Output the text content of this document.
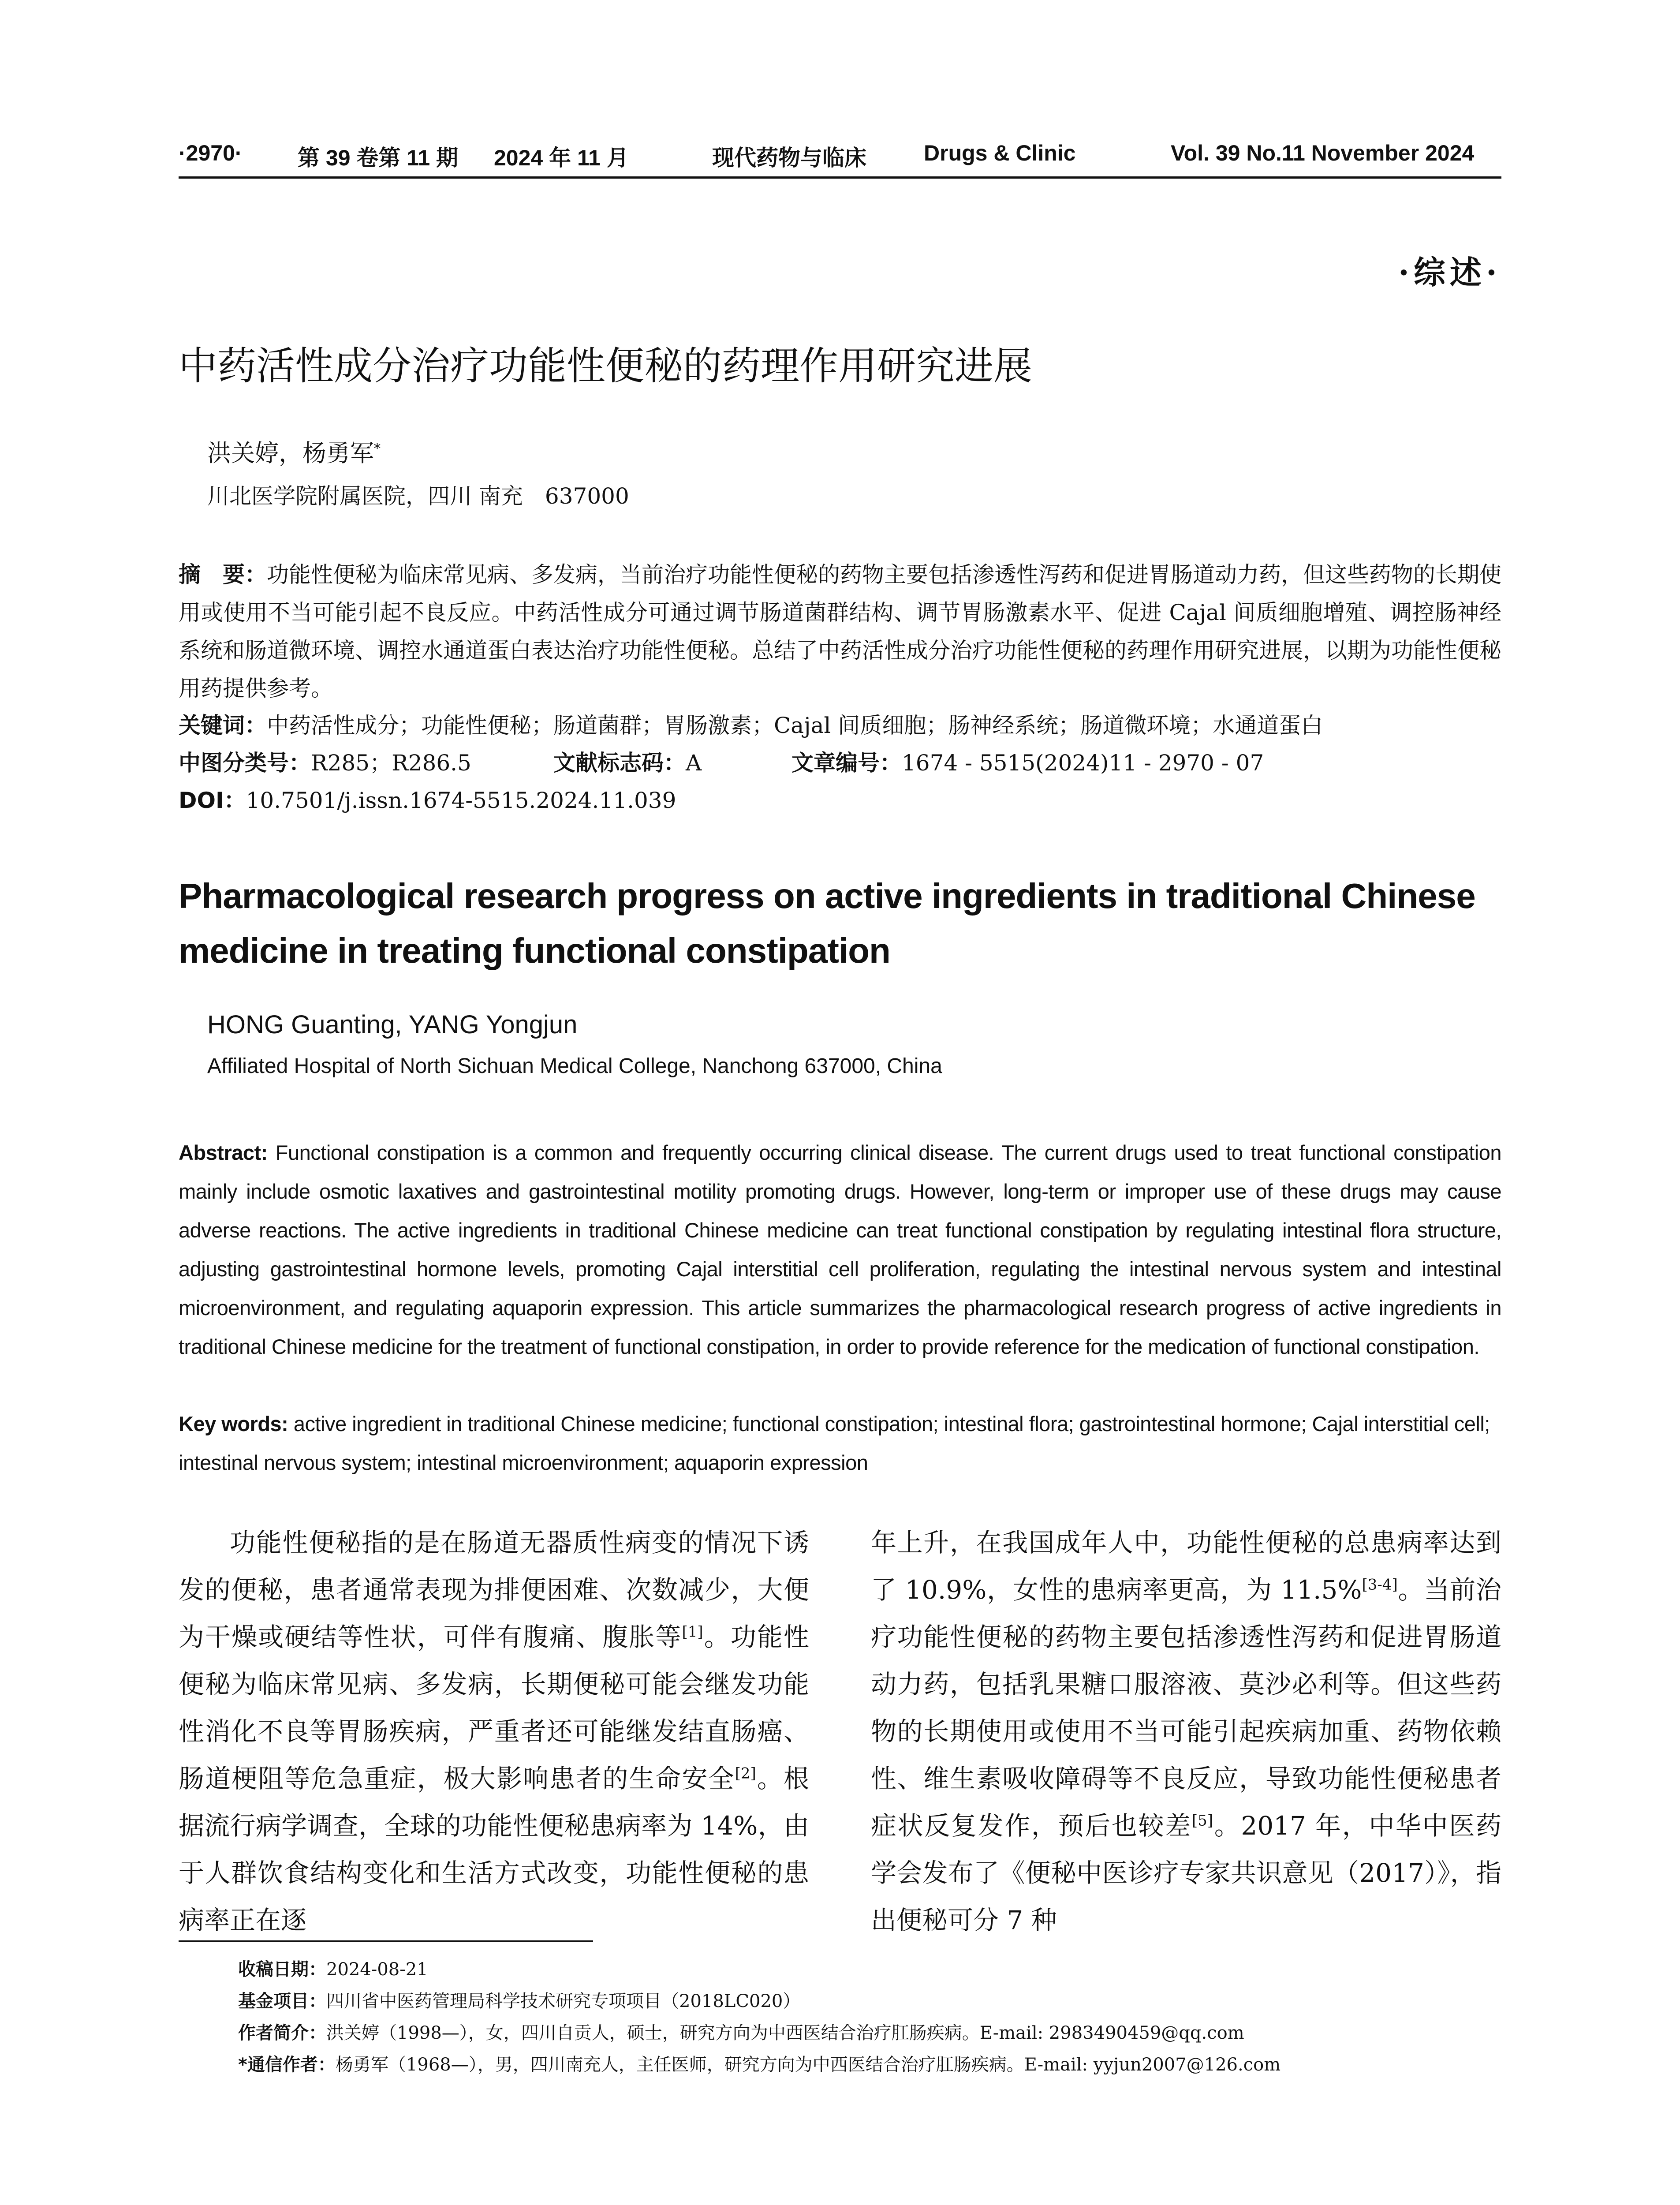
·2970·	第 39 卷第 11 期 2024 年 11 月	现代药物与临床	Drugs & Clinic	Vol. 39 No.11 November 2024
·综述·
中药活性成分治疗功能性便秘的药理作用研究进展
洪关婷，杨勇军*
川北医学院附属医院，四川 南充　637000
摘　要：功能性便秘为临床常见病、多发病，当前治疗功能性便秘的药物主要包括渗透性泻药和促进胃肠道动力药，但这些药物的长期使用或使用不当可能引起不良反应。中药活性成分可通过调节肠道菌群结构、调节胃肠激素水平、促进 Cajal 间质细胞增殖、调控肠神经系统和肠道微环境、调控水通道蛋白表达治疗功能性便秘。总结了中药活性成分治疗功能性便秘的药理作用研究进展，以期为功能性便秘用药提供参考。
关键词：中药活性成分；功能性便秘；肠道菌群；胃肠激素；Cajal 间质细胞；肠神经系统；肠道微环境；水通道蛋白
中图分类号：R285；R286.5	文献标志码：A	文章编号：1674 - 5515(2024)11 - 2970 - 07
DOI：10.7501/j.issn.1674-5515.2024.11.039
Pharmacological research progress on active ingredients in traditional Chinese medicine in treating functional constipation
HONG Guanting, YANG Yongjun
Affiliated Hospital of North Sichuan Medical College, Nanchong 637000, China
Abstract: Functional constipation is a common and frequently occurring clinical disease. The current drugs used to treat functional constipation mainly include osmotic laxatives and gastrointestinal motility promoting drugs. However, long-term or improper use of these drugs may cause adverse reactions. The active ingredients in traditional Chinese medicine can treat functional constipation by regulating intestinal flora structure, adjusting gastrointestinal hormone levels, promoting Cajal interstitial cell proliferation, regulating the intestinal nervous system and intestinal microenvironment, and regulating aquaporin expression. This article summarizes the pharmacological research progress of active ingredients in traditional Chinese medicine for the treatment of functional constipation, in order to provide reference for the medication of functional constipation.
Key words: active ingredient in traditional Chinese medicine; functional constipation; intestinal flora; gastrointestinal hormone; Cajal interstitial cell; intestinal nervous system; intestinal microenvironment; aquaporin expression

功能性便秘指的是在肠道无器质性病变的情况下诱发的便秘，患者通常表现为排便困难、次数减少，大便为干燥或硬结等性状，可伴有腹痛、腹胀等[1]。功能性便秘为临床常见病、多发病，长期便秘可能会继发功能性消化不良等胃肠疾病，严重者还可能继发结直肠癌、肠道梗阻等危急重症，极大影响患者的生命安全[2]。根据流行病学调查，全球的功能性便秘患病率为 14%，由于人群饮食结构变化和生活方式改变，功能性便秘的患病率正在逐

年上升，在我国成年人中，功能性便秘的总患病率达到了 10.9%，女性的患病率更高，为 11.5%[3-4]。当前治疗功能性便秘的药物主要包括渗透性泻药和促进胃肠道动力药，包括乳果糖口服溶液、莫沙必利等。但这些药物的长期使用或使用不当可能引起疾病加重、药物依赖性、维生素吸收障碍等不良反应，导致功能性便秘患者症状反复发作，预后也较差[5]。2017 年，中华中医药学会发布了《便秘中医诊疗专家共识意见（2017）》，指出便秘可分 7 种

收稿日期：2024-08-21
基金项目：四川省中医药管理局科学技术研究专项项目（2018LC020）
作者简介：洪关婷（1998—），女，四川自贡人，硕士，研究方向为中西医结合治疗肛肠疾病。E-mail: 2983490459@qq.com
*通信作者：杨勇军（1968—），男，四川南充人，主任医师，研究方向为中西医结合治疗肛肠疾病。E-mail: yyjun2007@126.com
